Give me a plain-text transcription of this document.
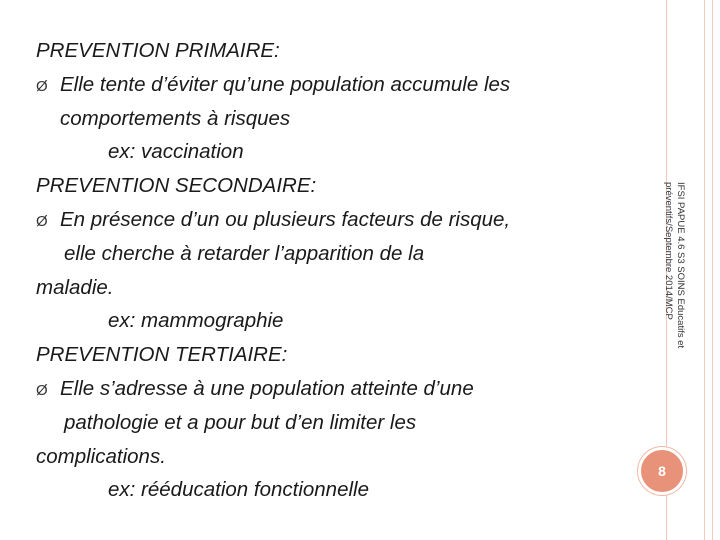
PREVENTION PRIMAIRE:
Ø Elle tente d’éviter qu’une population accumule les
comportements à risques
ex: vaccination
PREVENTION SECONDAIRE:
Ø En présence d’un ou plusieurs facteurs de risque,
elle cherche à retarder l’apparition de la
maladie.
ex: mammographie
PREVENTION TERTIAIRE:
Ø Elle s’adresse à une population atteinte d’une
pathologie et a pour but d’en limiter les
complications.
ex: rééducation fonctionnelle
IFSI PAPUE 4.6 S3 SOINS Educatifs et
préventifs/Septembre 2014/MCP
8
